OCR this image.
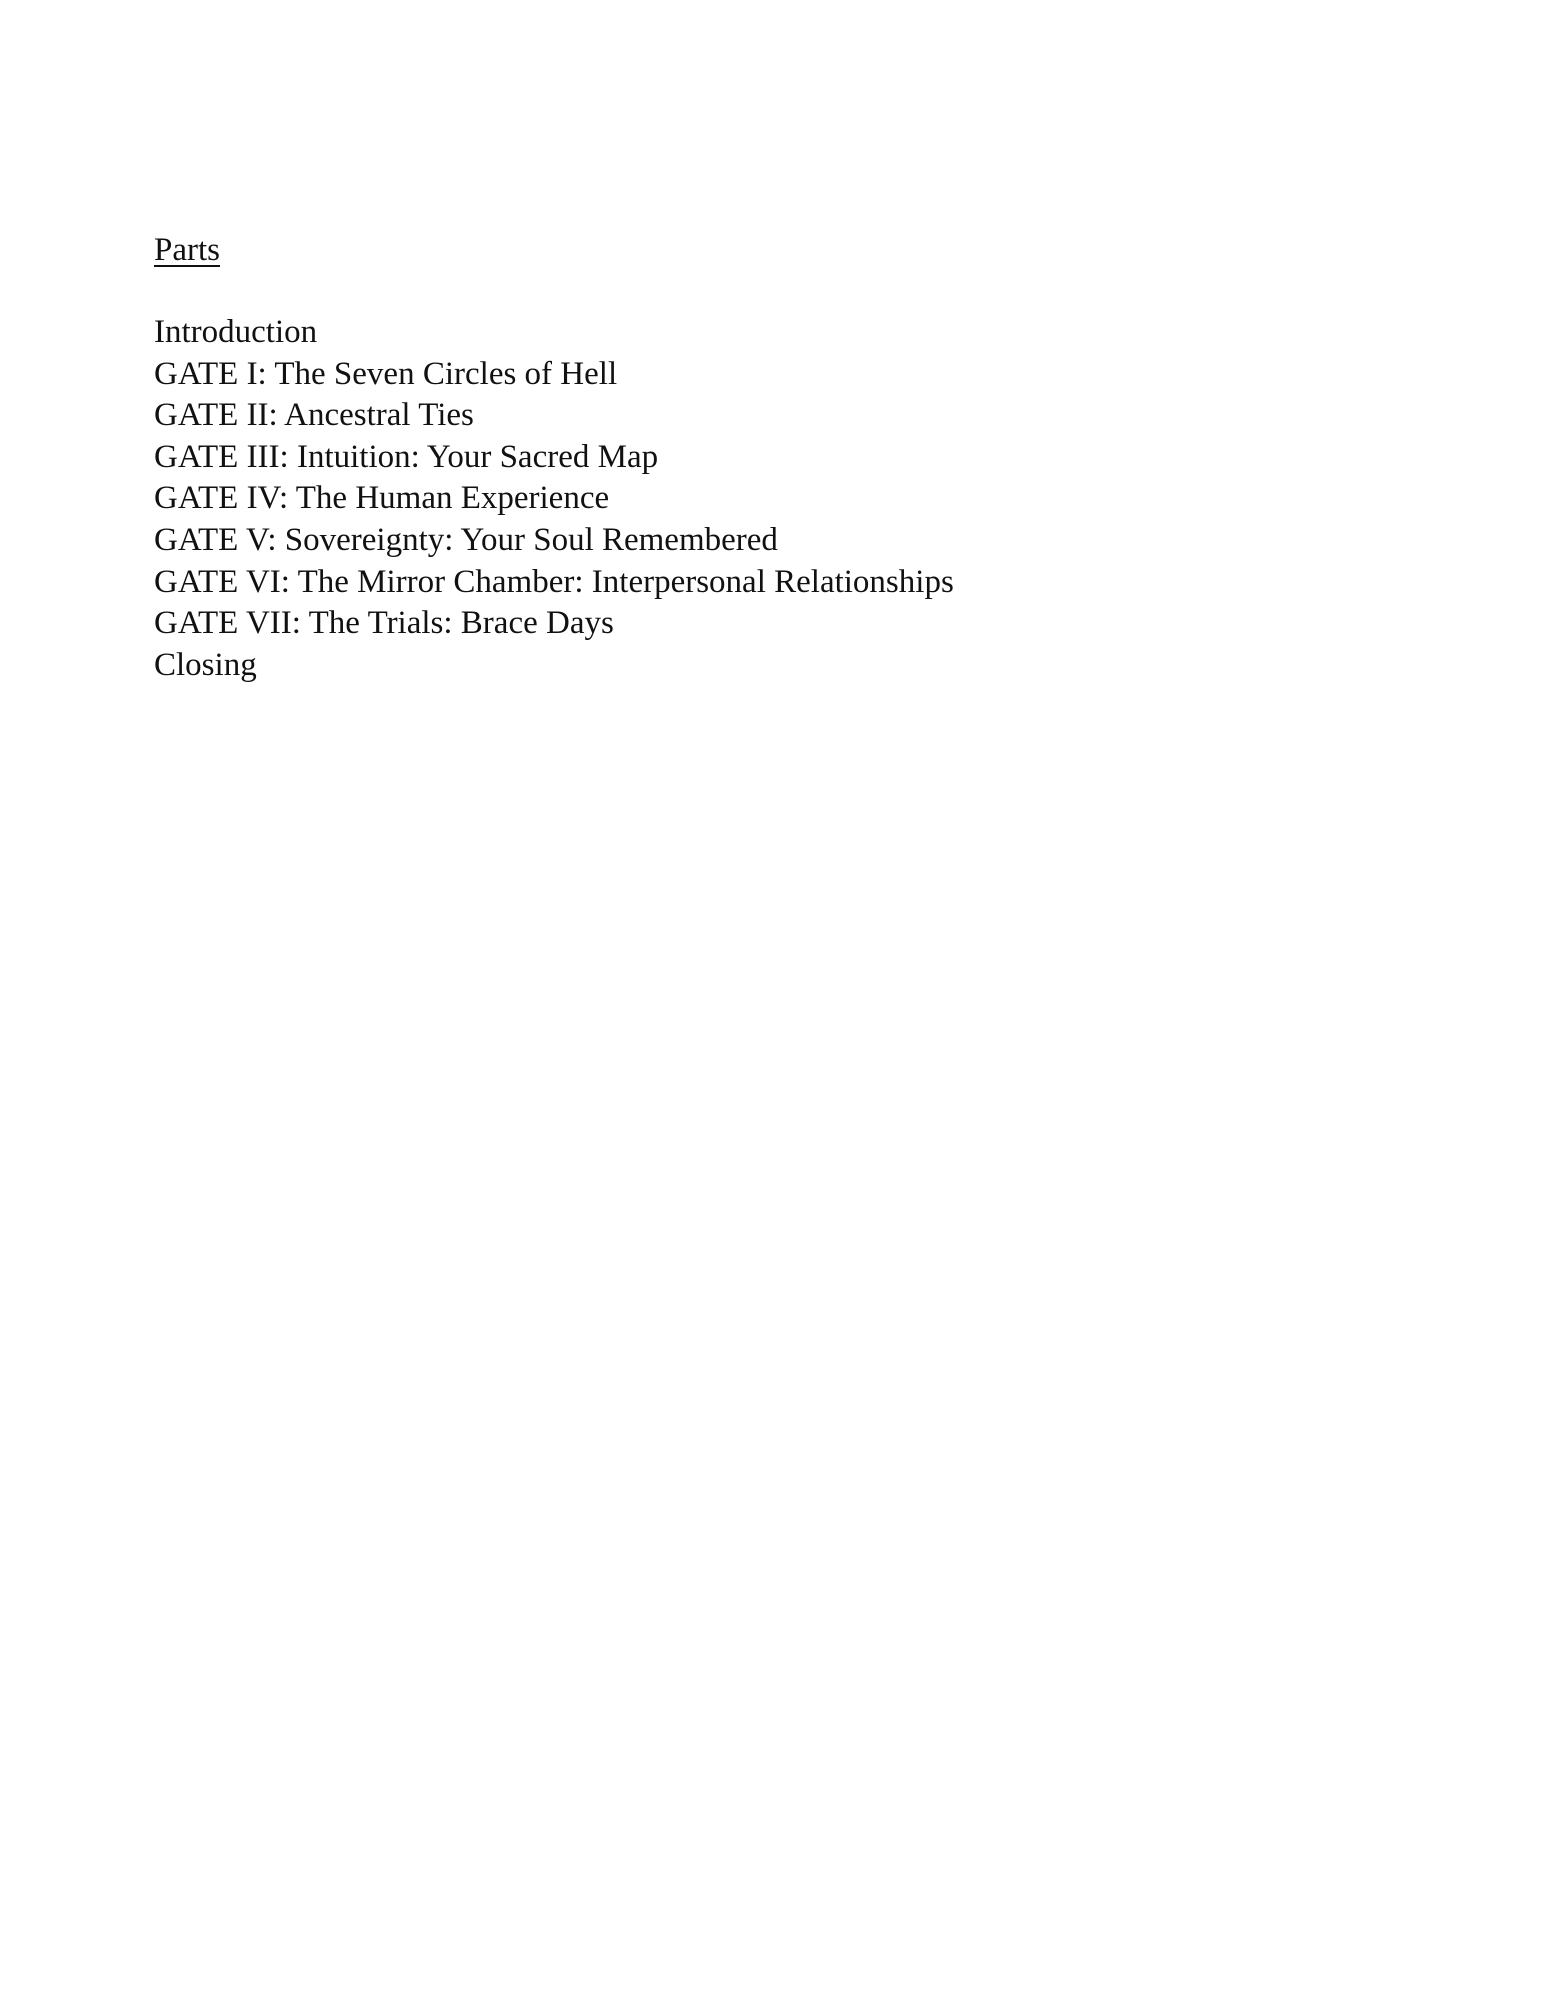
Parts
Introduction
GATE I: The Seven Circles of Hell
GATE II: Ancestral Ties
GATE III: Intuition: Your Sacred Map
GATE IV: The Human Experience
GATE V: Sovereignty: Your Soul Remembered
GATE VI: The Mirror Chamber: Interpersonal Relationships
GATE VII: The Trials: Brace Days
Closing
